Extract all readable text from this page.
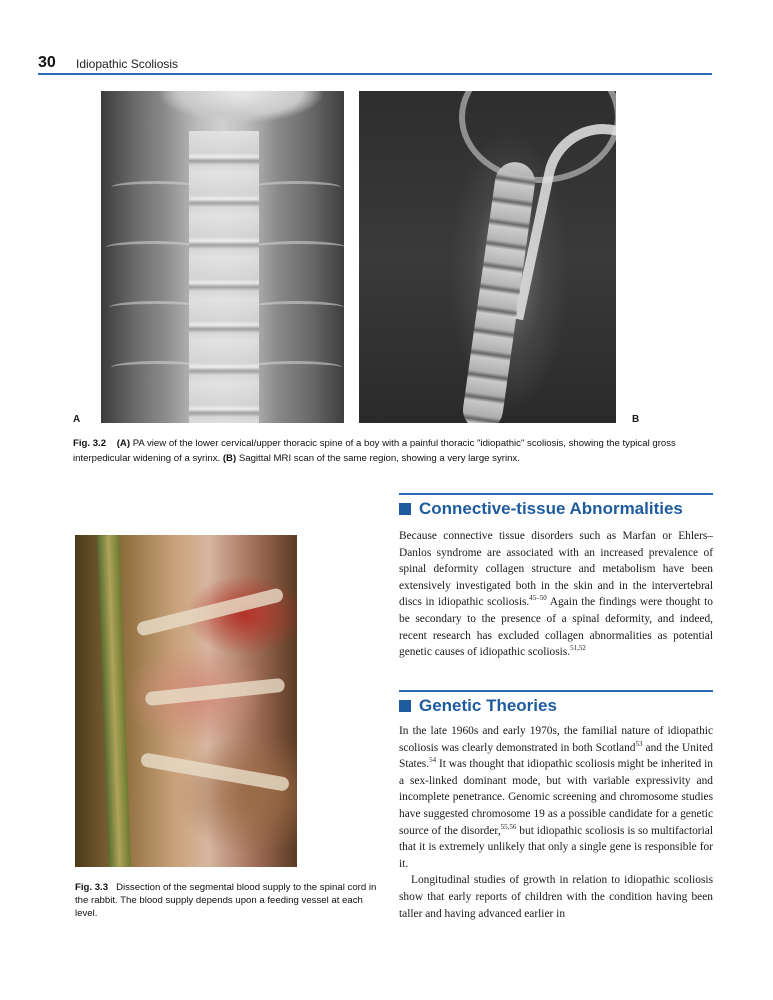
30 Idiopathic Scoliosis
A	B
Fig. 3.2 (A) PA view of the lower cervical/upper thoracic spine of a boy with a painful thoracic "idiopathic" scoliosis, showing the typical gross interpedicular widening of a syrinx. (B) Sagittal MRI scan of the same region, showing a very large syrinx.
Fig. 3.3 Dissection of the segmental blood supply to the spinal cord in the rabbit. The blood supply depends upon a feeding vessel at each level.
Connective-tissue Abnormalities

Because connective tissue disorders such as Marfan or Ehlers–Danlos syndrome are associated with an increased prevalence of spinal deformity collagen structure and metabolism have been extensively investigated both in the skin and in the intervertebral discs in idiopathic scoliosis.$^{45-50}$ Again the findings were thought to be secondary to the presence of a spinal deformity, and indeed, recent research has excluded collagen abnormalities as potential genetic causes of idiopathic scoliosis.$^{51,52}$

Genetic Theories

In the late 1960s and early 1970s, the familial nature of idiopathic scoliosis was clearly demonstrated in both Scotland$^{53}$ and the United States.$^{54}$ It was thought that idiopathic scoliosis might be inherited in a sex-linked dominant mode, but with variable expressivity and incomplete penetrance. Genomic screening and chromosome studies have suggested chromosome 19 as a possible candidate for a genetic source of the disorder,$^{55,56}$ but idiopathic scoliosis is so multifactorial that it is extremely unlikely that only a single gene is responsible for it.

Longitudinal studies of growth in relation to idiopathic scoliosis show that early reports of children with the condition having been taller and having advanced earlier in
